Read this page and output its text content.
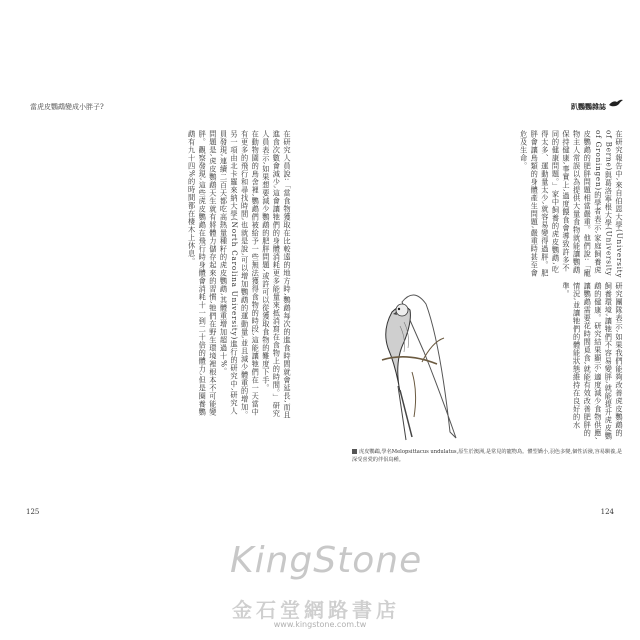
當虎皮鸚鵡變成小胖子?
在研究人員說:「當食物獲取在比較遠的地方時,鸚鵡每次的進食時間就會延長,而且進食次數會減少,這會讓牠們的身體消耗更多能量來抵消寫在食物上的時間。」研究人員表示,如果想要減少鸚鵡的肥胖問題,或許可以從獲取食物的難度下手。
在動物園的鳥舍裡,鸚鵡們被給予一些無法獲得食物的時段,這能讓牠們在一天當中有更多的飛行和尋找時間,也就是說,可以增加鸚鵡的運動量,並且減少體重的增加。
另一項由北卡羅來納大學(North Carolina University)進行的研究中,研究人員發現,連續二百天都吃高熱量種籽的虎皮鸚鵡,其體重增加超過十%。
問題是,虎皮鸚鵡天生就有將體力儲存起來的習慣,牠們在野生環境裡根本不可能變胖。觀察發現,這些虎皮鸚鵡在飛行時身體會消耗十一到二十倍的體力,但是圈養鸚鵡有九十四%的時間都在棲木上休息。
125
趴鸚鸚雜誌
124
在研究報告中,來自伯恩大學(University of Berne)與葛洛寧根大學(University of Groningen)的學者表示,家庭飼養虎皮鸚鵡的肥胖問題相當嚴重。他們說:「寵物主人常誤以為提供大量食物就能讓鸚鵡保持健康,事實上,過度餵食會導致許多不同的健康問題。」家中飼養的虎皮鸚鵡,吃得太多、運動量太少,就容易變得過胖。肥胖會讓鳥類的身體產生問題,嚴重時甚至會危及生命。
研究團隊表示,如果我們能夠改善虎皮鸚鵡的飼養環境,讓牠們不容易變胖,就能提升虎皮鸚鵡的健康。研究結果顯示,適度減少食物供應,讓鸚鵡需要花時間覓食,就能有效改善肥胖的情況,並讓牠們的體能狀態維持在良好的水準。
虎皮鸚鵡,學名Melopsittacus undulatus,原生於澳洲,是常見的寵物鳥。體型嬌小,羽色多變,個性活潑,容易馴養,是深受喜愛的伴侶鳥種。
KingStone
金石堂網路書店
www.kingstone.com.tw
